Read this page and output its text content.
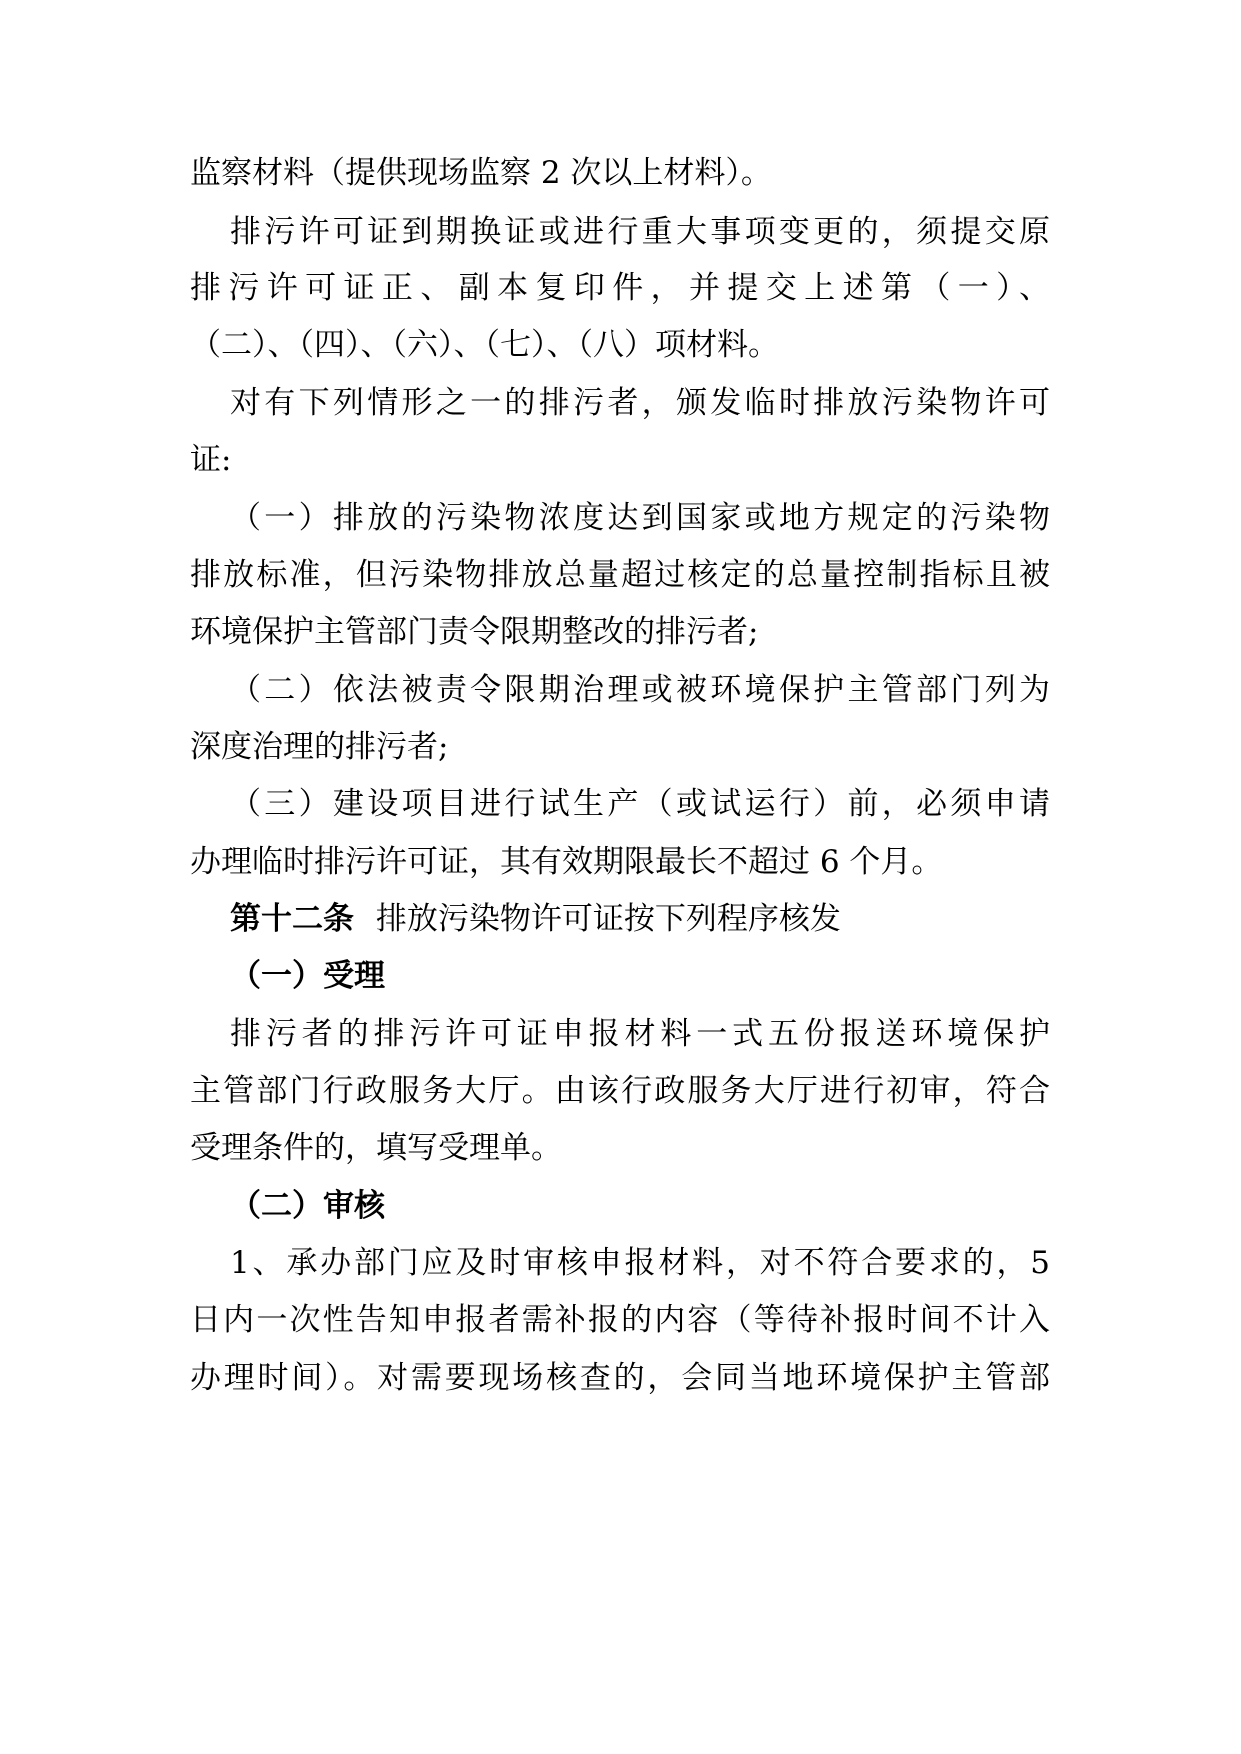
监察材料（提供现场监察 2 次以上材料）。
排污许可证到期换证或进行重大事项变更的，须提交原
排污许可证正、副本复印件，并提交上述第（一）、
（二）、（四）、（六）、（七）、（八）项材料。
对有下列情形之一的排污者，颁发临时排放污染物许可
证:
（一）排放的污染物浓度达到国家或地方规定的污染物
排放标准，但污染物排放总量超过核定的总量控制指标且被
环境保护主管部门责令限期整改的排污者;
（二）依法被责令限期治理或被环境保护主管部门列为
深度治理的排污者;
（三）建设项目进行试生产（或试运行）前，必须申请
办理临时排污许可证，其有效期限最长不超过 6 个月。
第十二条 排放污染物许可证按下列程序核发
（一）受理
排污者的排污许可证申报材料一式五份报送环境保护
主管部门行政服务大厅。由该行政服务大厅进行初审，符合
受理条件的，填写受理单。
（二）审核
1、承办部门应及时审核申报材料，对不符合要求的，5
日内一次性告知申报者需补报的内容（等待补报时间不计入
办理时间）。对需要现场核查的，会同当地环境保护主管部
